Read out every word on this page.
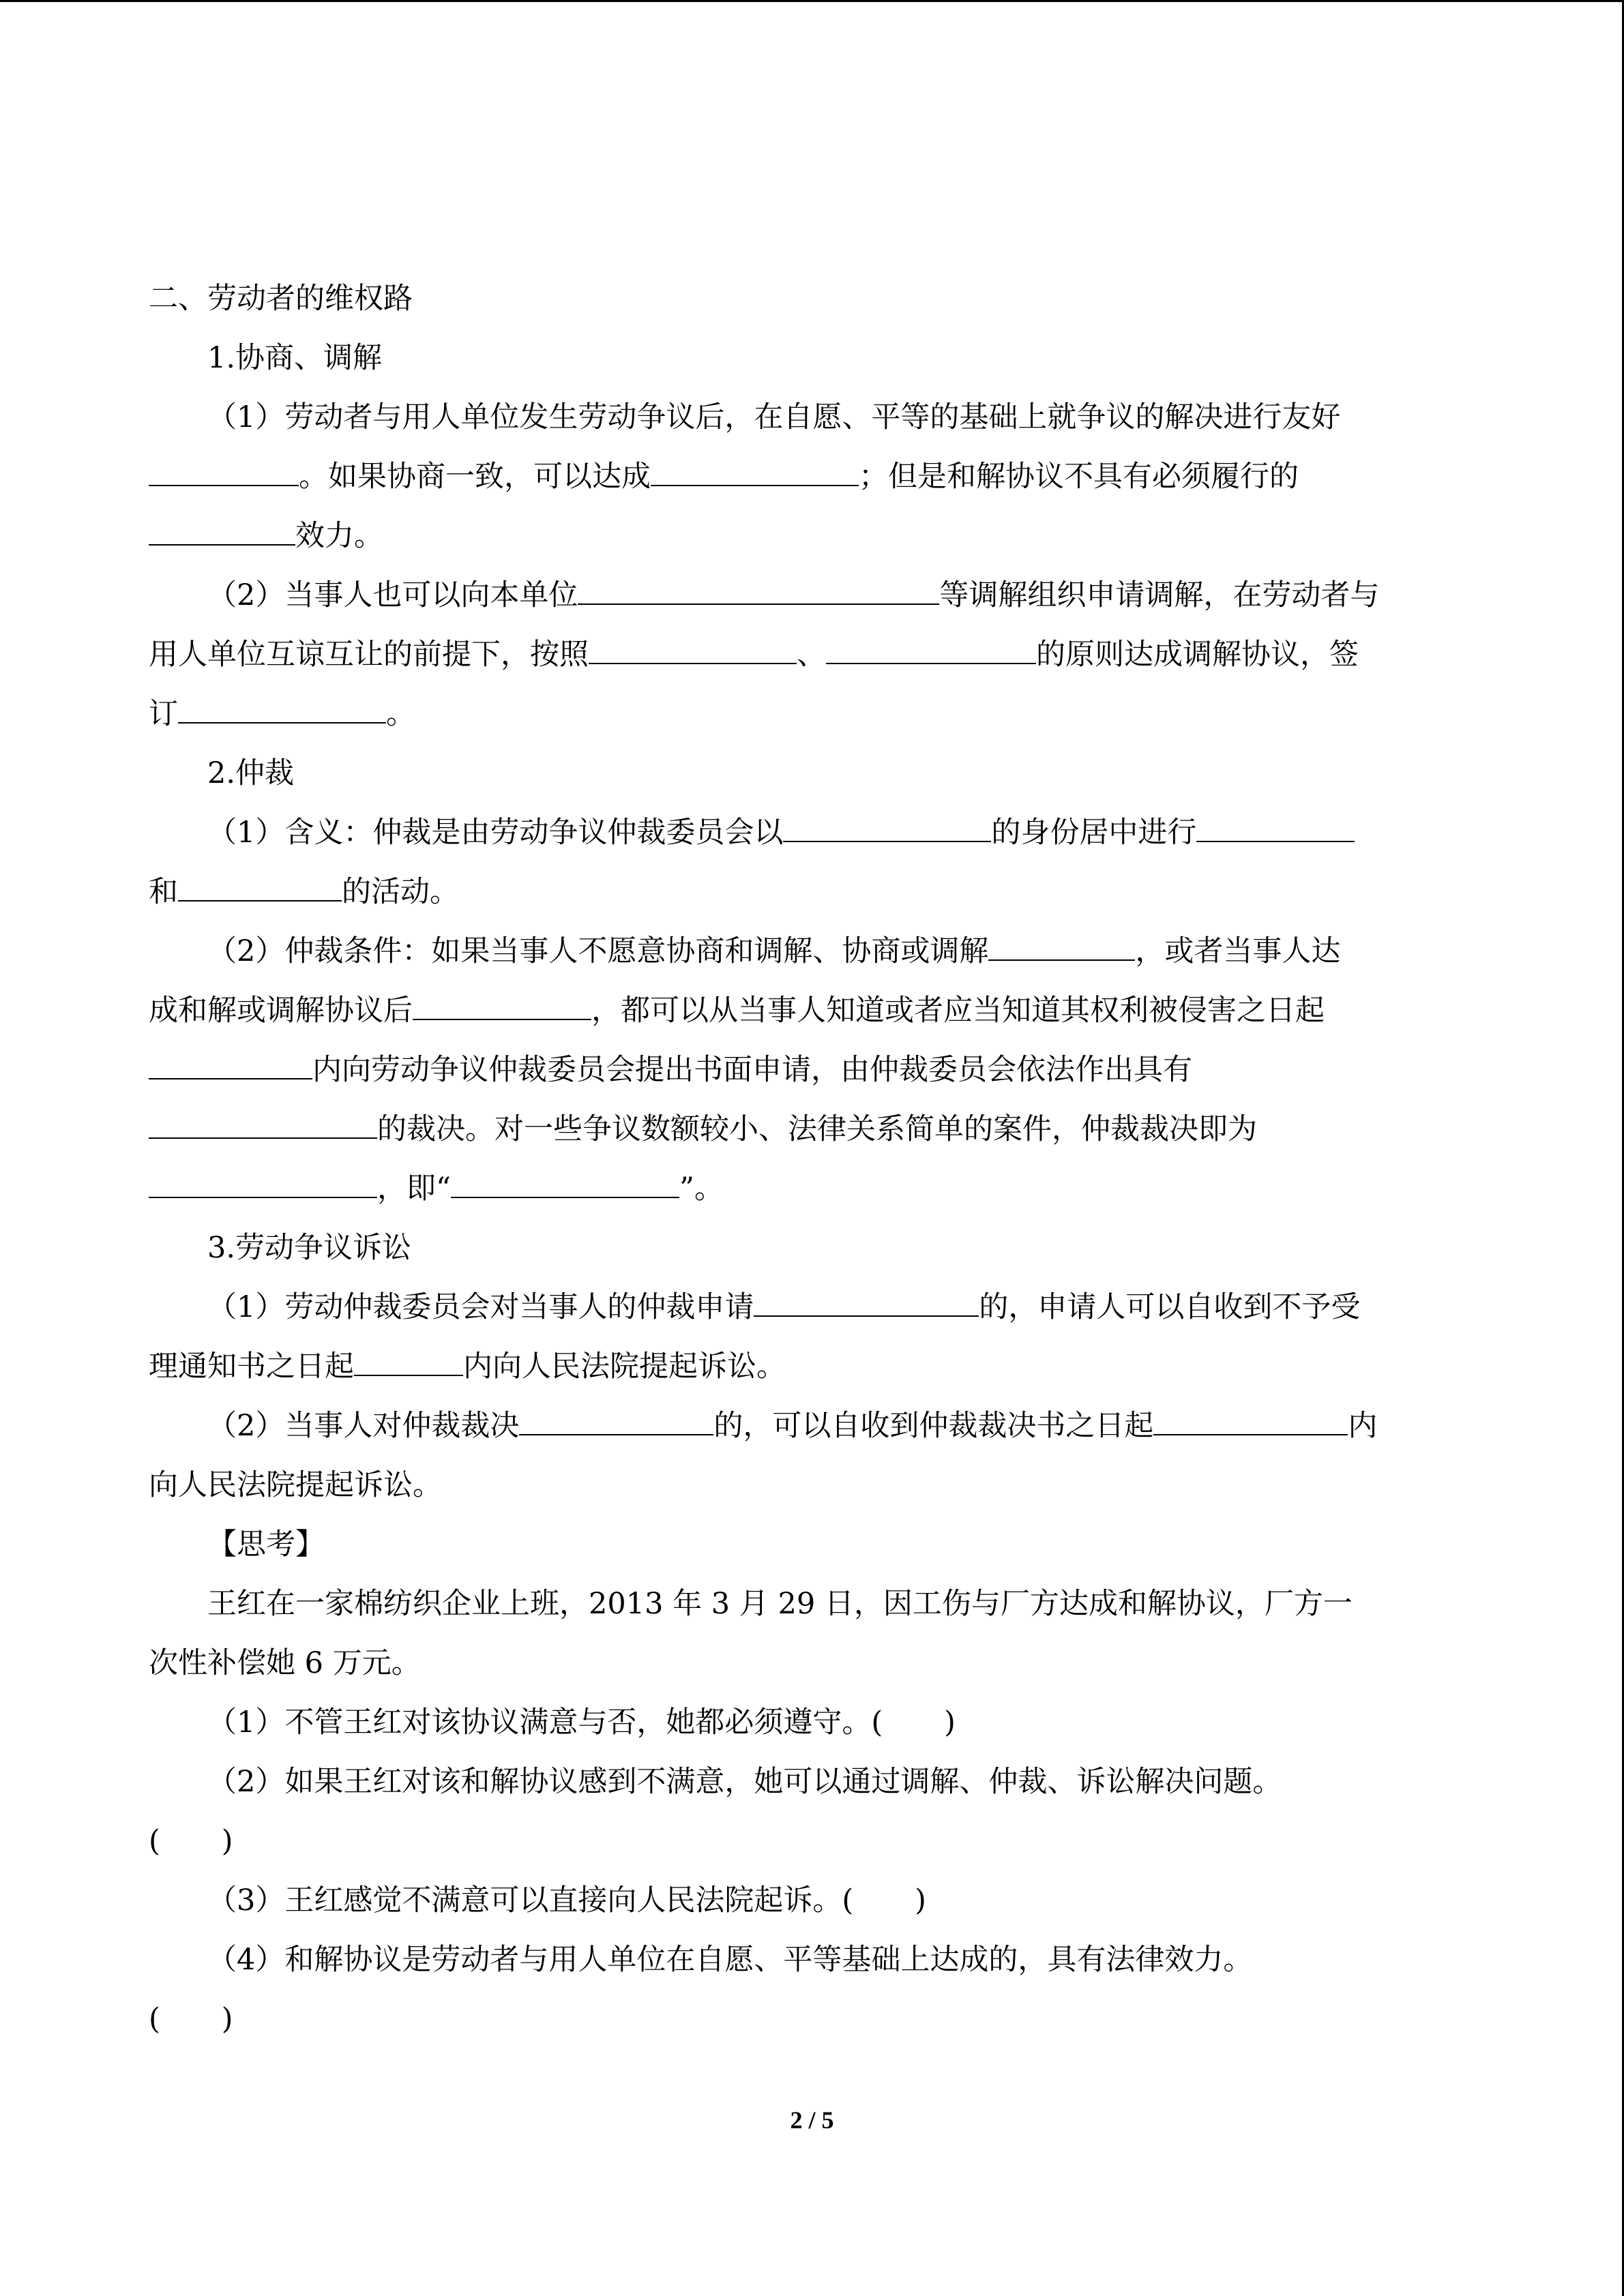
二、劳动者的维权路
1.协商、调解
（1）劳动者与用人单位发生劳动争议后，在自愿、平等的基础上就争议的解决进行友好
。如果协商一致，可以达成	；但是和解协议不具有必须履行的
效力。
（2）当事人也可以向本单位	等调解组织申请调解，在劳动者与
用人单位互谅互让的前提下，按照	、	的原则达成调解协议，签
订	。
2.仲裁
（1）含义：仲裁是由劳动争议仲裁委员会以	的身份居中进行
和	的活动。
（2）仲裁条件：如果当事人不愿意协商和调解、协商或调解	，或者当事人达
成和解或调解协议后	，都可以从当事人知道或者应当知道其权利被侵害之日起
内向劳动争议仲裁委员会提出书面申请，由仲裁委员会依法作出具有
的裁决。对一些争议数额较小、法律关系简单的案件，仲裁裁决即为
，即“	”。
3.劳动争议诉讼
（1）劳动仲裁委员会对当事人的仲裁申请	的，申请人可以自收到不予受
理通知书之日起	内向人民法院提起诉讼。
（2）当事人对仲裁裁决	的，可以自收到仲裁裁决书之日起	内
向人民法院提起诉讼。
【思考】
王红在一家棉纺织企业上班，2013 年 3 月 29 日，因工伤与厂方达成和解协议，厂方一
次性补偿她 6 万元。
（1）不管王红对该协议满意与否，她都必须遵守。( )
（2）如果王红对该和解协议感到不满意，她可以通过调解、仲裁、诉讼解决问题。
( )
（3）王红感觉不满意可以直接向人民法院起诉。( )
（4）和解协议是劳动者与用人单位在自愿、平等基础上达成的，具有法律效力。
( )
2 / 5
